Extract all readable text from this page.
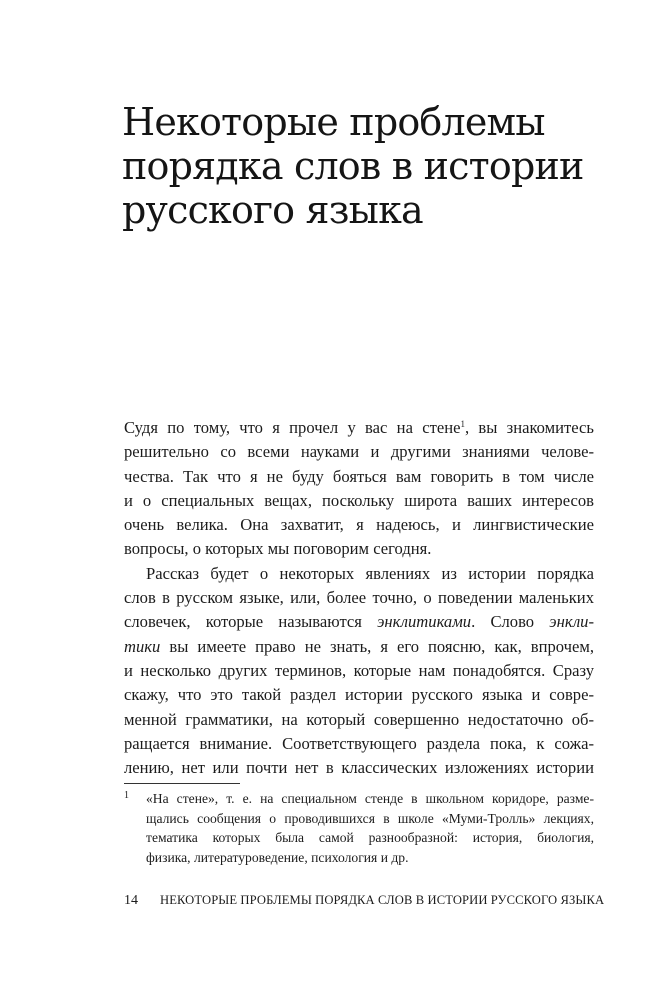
Некоторые проблемы
порядка слов в истории
русского языка
Судя по тому, что я прочел у вас на стене$^1$, вы знакомитесь
решительно со всеми науками и другими знаниями челове-
чества. Так что я не буду бояться вам говорить в том числе
и о специальных вещах, поскольку широта ваших интересов
очень велика. Она захватит, я надеюсь, и лингвистические
вопросы, о которых мы поговорим сегодня.
Рассказ будет о некоторых явлениях из истории порядка
слов в русском языке, или, более точно, о поведении маленьких
словечек, которые называются энклитиками. Слово энкли-
тики вы имеете право не знать, я его поясню, как, впрочем,
и несколько других терминов, которые нам понадобятся. Сразу
скажу, что это такой раздел истории русского языка и совре-
менной грамматики, на который совершенно недостаточно об-
ращается внимание. Соответствующего раздела пока, к сожа-
лению, нет или почти нет в классических изложениях истории
1 «На стене», т. е. на специальном стенде в школьном коридоре, разме-
щались сообщения о проводившихся в школе «Муми-Тролль» лекциях,
тематика которых была самой разнообразной: история, биология,
физика, литературоведение, психология и др.
14 НЕКОТОРЫЕ ПРОБЛЕМЫ ПОРЯДКА СЛОВ В ИСТОРИИ РУССКОГО ЯЗЫКА
